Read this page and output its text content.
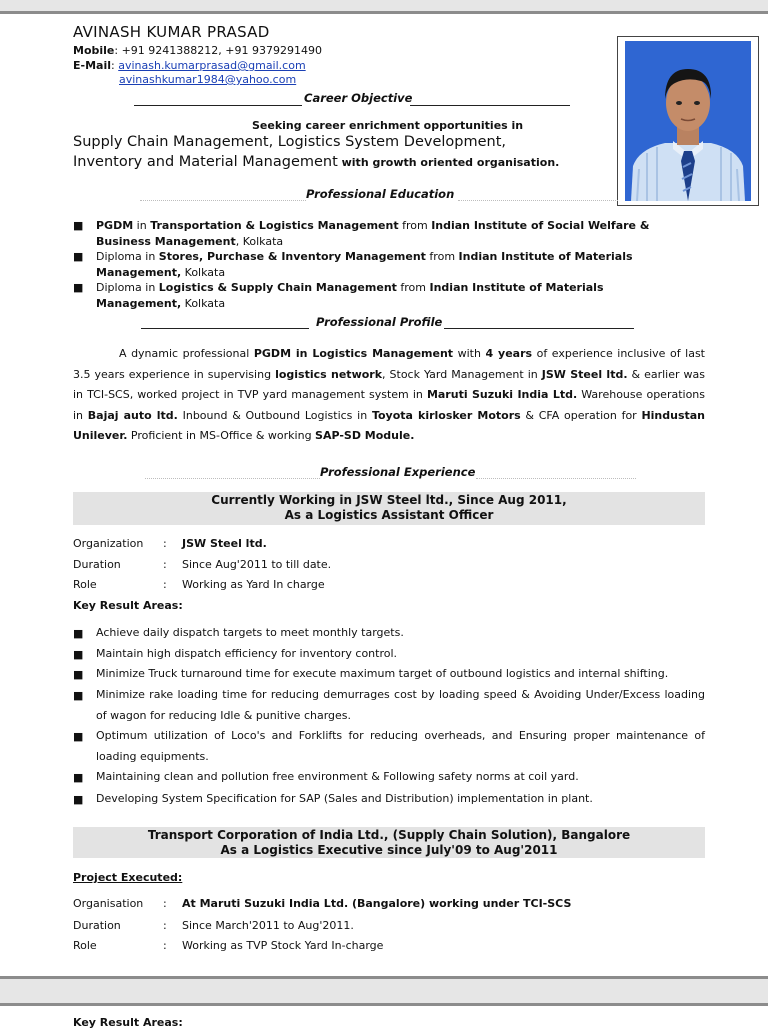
AVINASH KUMAR PRASAD
Mobile: +91 9241388212, +91 9379291490
E-Mail: avinash.kumarprasad@gmail.com
avinashkumar1984@yahoo.com
Career Objective
Seeking career enrichment opportunities in
Supply Chain Management, Logistics System Development,
Inventory and Material Management with growth oriented organisation.
Professional Education
■ PGDM in Transportation & Logistics Management from Indian Institute of Social Welfare &
Business Management, Kolkata
■ Diploma in Stores, Purchase & Inventory Management from Indian Institute of Materials
Management, Kolkata
■ Diploma in Logistics & Supply Chain Management from Indian Institute of Materials
Management, Kolkata
Professional Profile
A dynamic professional PGDM in Logistics Management with 4 years of experience inclusive of last 3.5 years experience in supervising logistics network, Stock Yard Management in JSW Steel ltd. & earlier was in TCI-SCS, worked project in TVP yard management system in Maruti Suzuki India Ltd. Warehouse operations in Bajaj auto ltd. Inbound & Outbound Logistics in Toyota kirlosker Motors & CFA operation for Hindustan Unilever. Proficient in MS-Office & working SAP-SD Module.
Professional Experience
Currently Working in JSW Steel ltd., Since Aug 2011,
As a Logistics Assistant Officer
Organization : JSW Steel ltd.
Duration	: Since Aug'2011 to till date.
Role	: Working as Yard In charge
Key Result Areas:
■ Achieve daily dispatch targets to meet monthly targets.
■ Maintain high dispatch efficiency for inventory control.
■ Minimize Truck turnaround time for execute maximum target of outbound logistics and internal shifting.
■ Minimize rake loading time for reducing demurrages cost by loading speed & Avoiding Under/Excess loading of wagon for reducing Idle & punitive charges.
■ Optimum utilization of Loco's and Forklifts for reducing overheads, and Ensuring proper maintenance of loading equipments.
■ Maintaining clean and pollution free environment & Following safety norms at coil yard.
■ Developing System Specification for SAP (Sales and Distribution) implementation in plant.
Transport Corporation of India Ltd., (Supply Chain Solution), Bangalore
As a Logistics Executive since July'09 to Aug'2011
Project Executed:
Organisation : At Maruti Suzuki India Ltd. (Bangalore) working under TCI-SCS
Duration	: Since March'2011 to Aug'2011.
Role	: Working as TVP Stock Yard In-charge
Key Result Areas:
